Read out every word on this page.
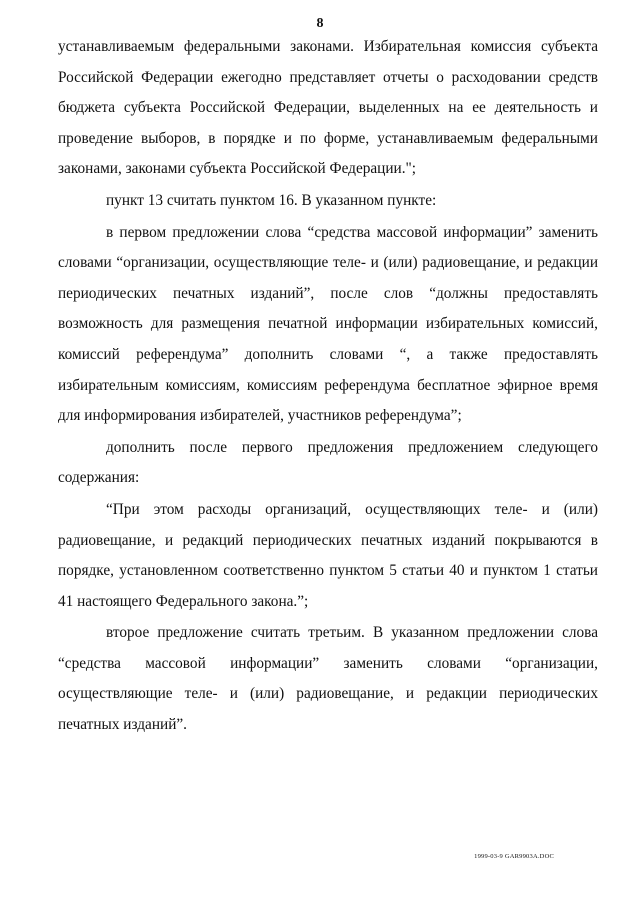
8

устанавливаемым федеральными законами. Избирательная комиссия субъекта Российской Федерации ежегодно представляет отчеты о расходовании средств бюджета субъекта Российской Федерации, выделенных на ее деятельность и проведение выборов, в порядке и по форме, устанавливаемым федеральными законами, законами субъекта Российской Федерации.";

пункт 13 считать пунктом 16. В указанном пункте:

в первом предложении слова “средства массовой информации” заменить словами “организации, осуществляющие теле- и (или) радиовещание, и редакции периодических печатных изданий”, после слов “должны предоставлять возможность для размещения печатной информации избирательных комиссий, комиссий референдума” дополнить словами “, а также предоставлять избирательным комиссиям, комиссиям референдума бесплатное эфирное время для информирования избирателей, участников референдума”;

дополнить после первого предложения предложением следующего содержания:

“При этом расходы организаций, осуществляющих теле- и (или) радиовещание, и редакций периодических печатных изданий покрываются в порядке, установленном соответственно пунктом 5 статьи 40 и пунктом 1 статьи 41 настоящего Федерального закона.”;

второе предложение считать третьим. В указанном предложении слова “средства массовой информации” заменить словами “организации, осуществляющие теле- и (или) радиовещание, и редакции периодических печатных изданий”.

1999-03-9 GAR9903A.DOC
